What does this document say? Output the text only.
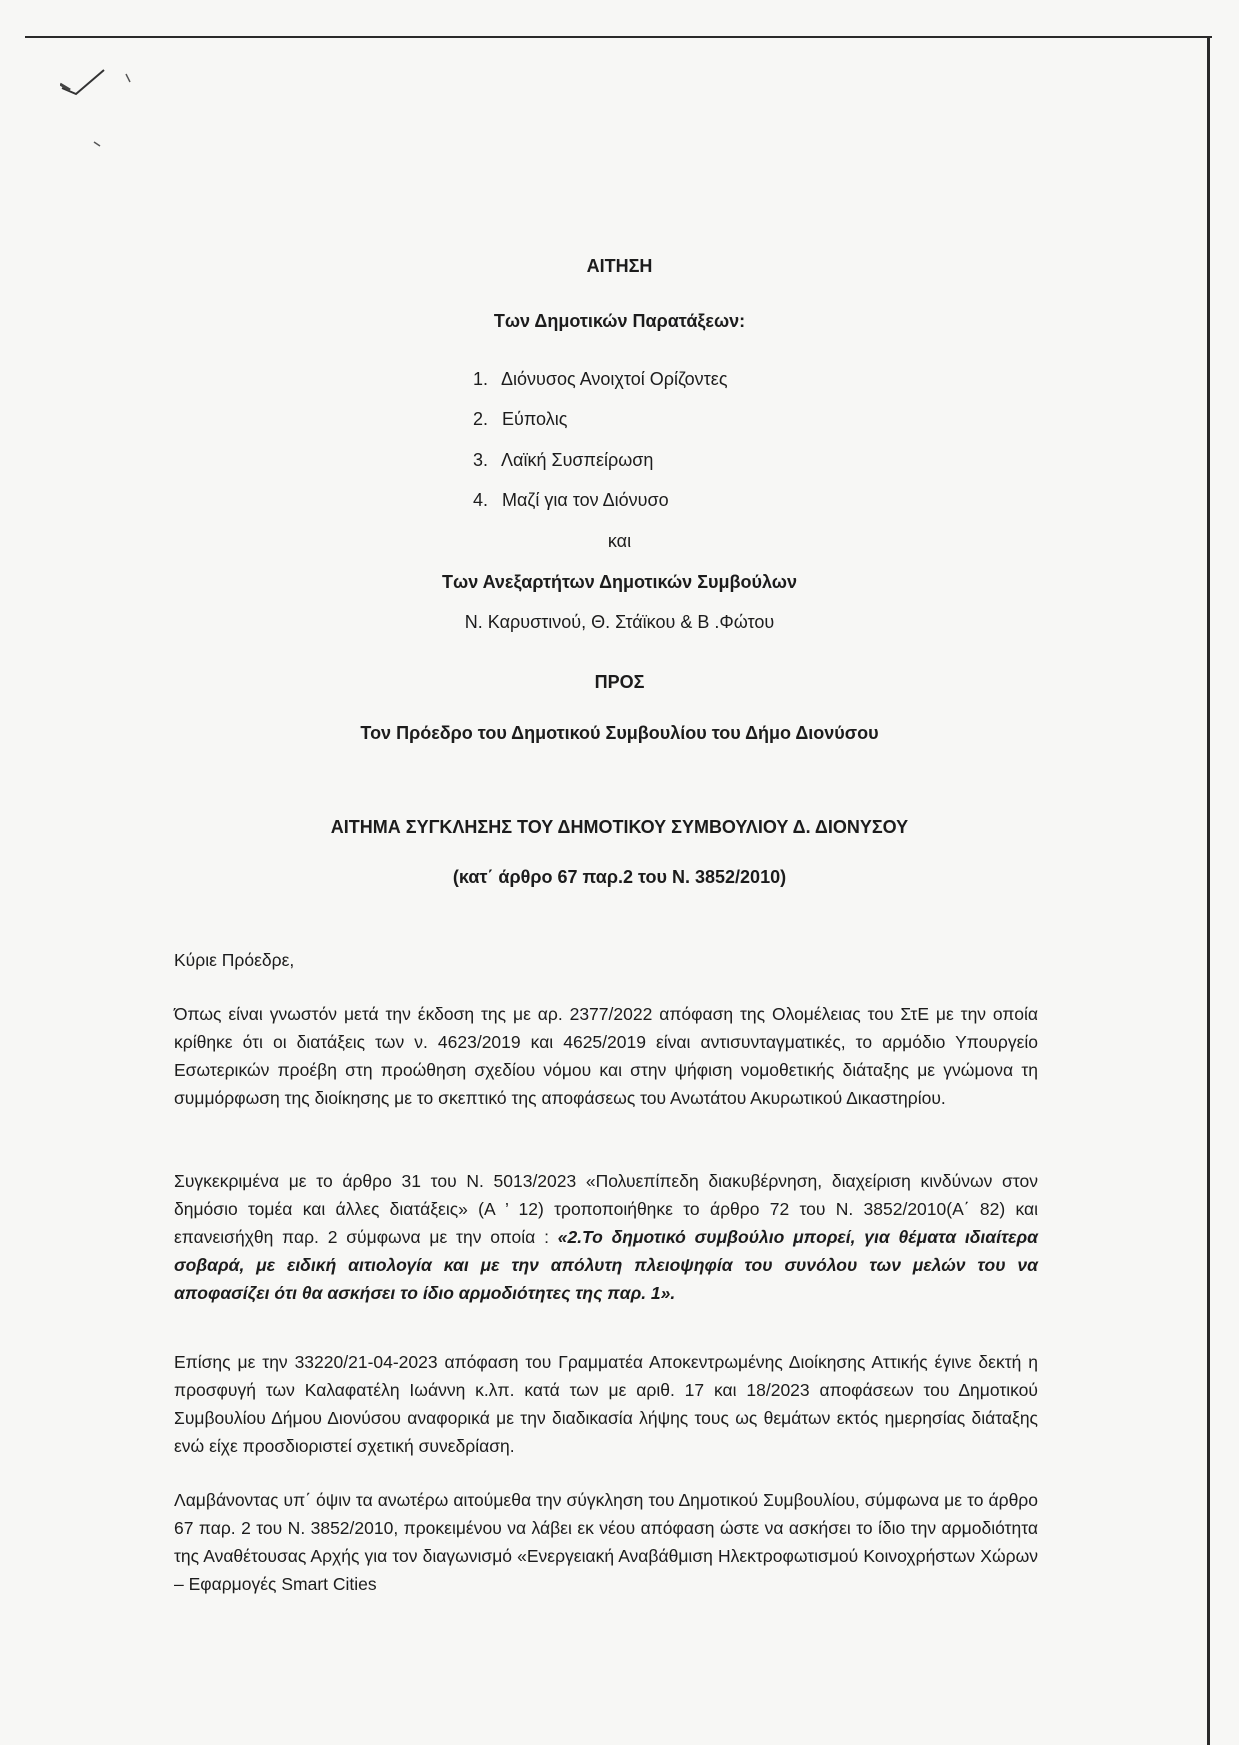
ΑΙΤΗΣΗ
Των Δημοτικών Παρατάξεων:
1. Διόνυσος Ανοιχτοί Ορίζοντες
2. Εύπολις
3. Λαϊκή Συσπείρωση
4. Μαζί για τον Διόνυσο
και
Των Ανεξαρτήτων Δημοτικών Συμβούλων
Ν. Καρυστινού, Θ. Στάϊκου & Β .Φώτου
ΠΡΟΣ
Τον Πρόεδρο του Δημοτικού Συμβουλίου του Δήμο Διονύσου
ΑΙΤΗΜΑ ΣΥΓΚΛΗΣΗΣ ΤΟΥ ΔΗΜΟΤΙΚΟΥ ΣΥΜΒΟΥΛΙΟΥ Δ. ΔΙΟΝΥΣΟΥ
(κατ΄ άρθρο 67 παρ.2 του Ν. 3852/2010)
Κύριε Πρόεδρε,

Όπως είναι γνωστόν μετά την έκδοση της με αρ. 2377/2022 απόφαση της Ολομέλειας του ΣτΕ με την οποία κρίθηκε ότι οι διατάξεις των ν. 4623/2019 και 4625/2019 είναι αντισυνταγματικές, το αρμόδιο Υπουργείο Εσωτερικών προέβη στη προώθηση σχεδίου νόμου και στην ψήφιση νομοθετικής διάταξης με γνώμονα τη συμμόρφωση της διοίκησης με το σκεπτικό της αποφάσεως του Ανωτάτου Ακυρωτικού Δικαστηρίου.

Συγκεκριμένα με το άρθρο 31 του Ν. 5013/2023 «Πολυεπίπεδη διακυβέρνηση, διαχείριση κινδύνων στον δημόσιο τομέα και άλλες διατάξεις» (Α ’ 12) τροποποιήθηκε το άρθρο 72 του Ν. 3852/2010(Α΄ 82) και επανεισήχθη παρ. 2 σύμφωνα με την οποία : «2.Το δημοτικό συμβούλιο μπορεί, για θέματα ιδιαίτερα σοβαρά, με ειδική αιτιολογία και με την απόλυτη πλειοψηφία του συνόλου των μελών του να αποφασίζει ότι θα ασκήσει το ίδιο αρμοδιότητες της παρ. 1».

Επίσης με την 33220/21-04-2023 απόφαση του Γραμματέα Αποκεντρωμένης Διοίκησης Αττικής έγινε δεκτή η προσφυγή των Καλαφατέλη Ιωάννη κ.λπ. κατά των με αριθ. 17 και 18/2023 αποφάσεων του Δημοτικού Συμβουλίου Δήμου Διονύσου αναφορικά με την διαδικασία λήψης τους ως θεμάτων εκτός ημερησίας διάταξης ενώ είχε προσδιοριστεί σχετική συνεδρίαση.

Λαμβάνοντας υπ΄ όψιν τα ανωτέρω αιτούμεθα την σύγκληση του Δημοτικού Συμβουλίου, σύμφωνα με το άρθρο 67 παρ. 2 του Ν. 3852/2010, προκειμένου να λάβει εκ νέου απόφαση ώστε να ασκήσει το ίδιο την αρμοδιότητα της Αναθέτουσας Αρχής για τον διαγωνισμό «Ενεργειακή Αναβάθμιση Ηλεκτροφωτισμού Κοινοχρήστων Χώρων – Εφαρμογές Smart Cities
